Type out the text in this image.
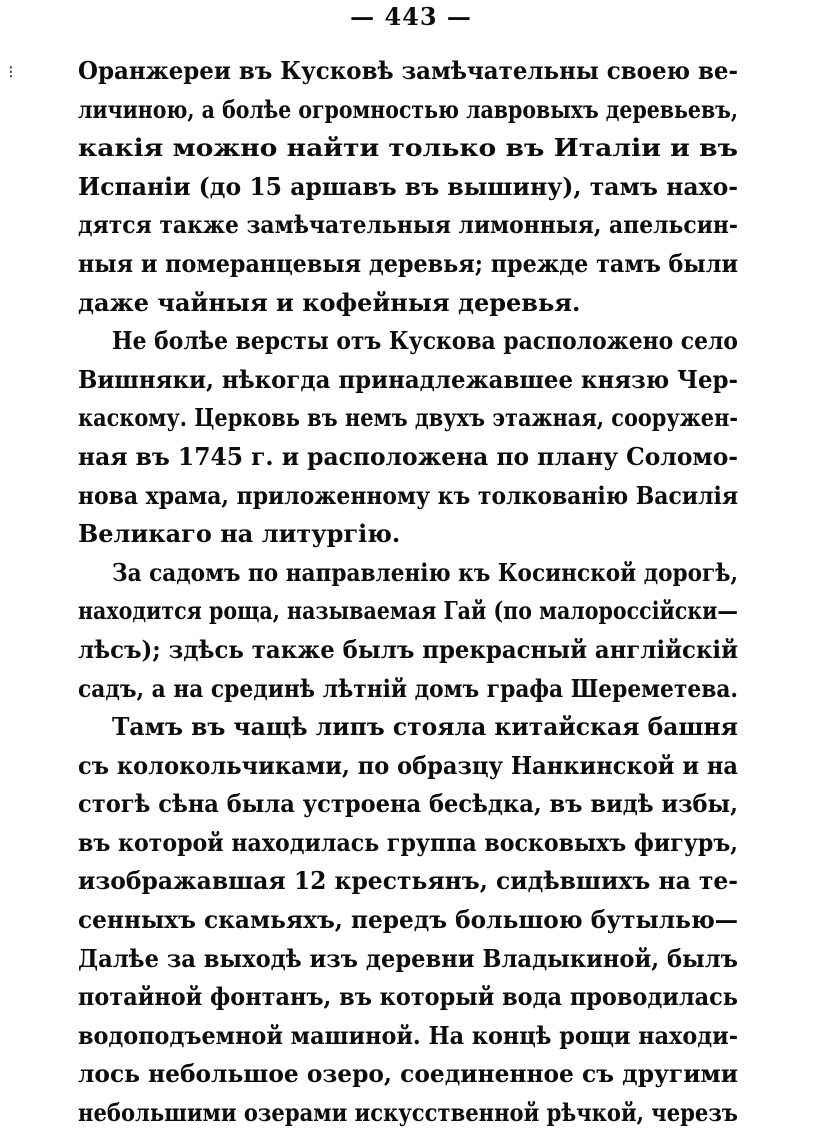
— 443 —
⁝	Оранжереи въ Кусковѣ замѣчательны своею ве-
личиною, а болѣе огромностью лавровыхъ деревьевъ,
какія можно найти только въ Италіи и въ
Испаніи (до 15 аршавъ въ вышину), тамъ нахо-
дятся также замѣчательныя лимонныя, апельсин-
ныя и померанцевыя деревья; прежде тамъ были
даже чайныя и кофейныя деревья.
Не болѣе версты отъ Кускова расположено село
Вишняки, нѣкогда принадлежавшее князю Чер-
каскому. Церковь въ немъ двухъ этажная, сооружен-
ная въ 1745 г. и расположена по плану Соломо-
нова храма, приложенному къ толкованію Василія
Великаго на литургію.
За садомъ по направленію къ Косинской дорогѣ,
находится роща, называемая Гай (по малороссійски—
лѣсъ); здѣсь также былъ прекрасный англійскій
садъ, а на срединѣ лѣтній домъ графа Шереметева.
Тамъ въ чащѣ липъ стояла китайская башня
съ колокольчиками, по образцу Нанкинской и на
стогѣ сѣна была устроена бесѣдка, въ видѣ избы,
въ которой находилась группа восковыхъ фигуръ,
изображавшая 12 крестьянъ, сидѣвшихъ на те-
сенныхъ скамьяхъ, передъ большою бутылью—
Далѣе за выходѣ изъ деревни Владыкиной, былъ
потайной фонтанъ, въ который вода проводилась
водоподъемной машиной. На концѣ рощи находи-
лось небольшое озеро, соединенное съ другими
небольшими озерами искусственной рѣчкой, черезъ
